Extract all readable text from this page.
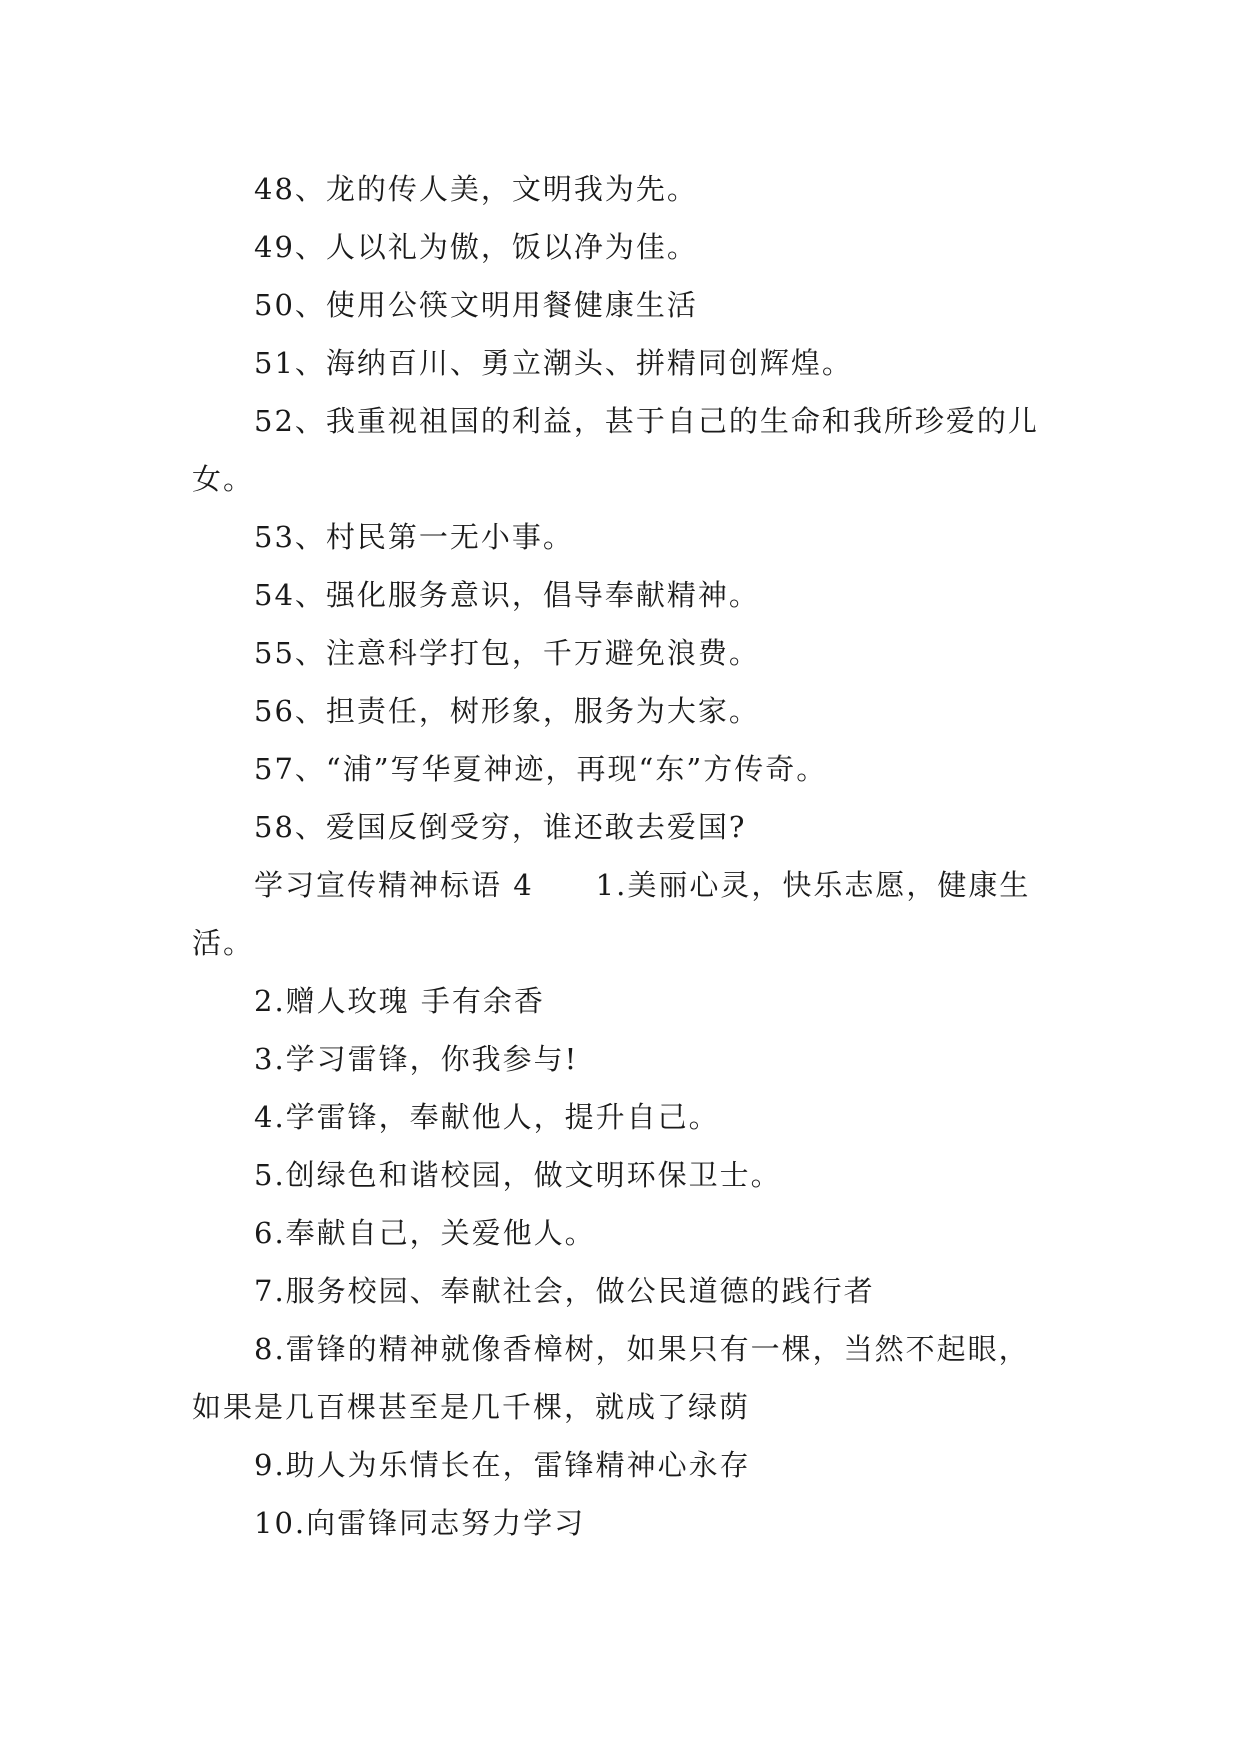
48、龙的传人美，文明我为先。

49、人以礼为傲，饭以净为佳。

50、使用公筷文明用餐健康生活

51、海纳百川、勇立潮头、拼精同创辉煌。

52、我重视祖国的利益，甚于自己的生命和我所珍爱的儿女。

53、村民第一无小事。

54、强化服务意识，倡导奉献精神。

55、注意科学打包，千万避免浪费。

56、担责任，树形象，服务为大家。

57、“浦”写华夏神迹，再现“东”方传奇。

58、爱国反倒受穷，谁还敢去爱国?

学习宣传精神标语 4　　1.美丽心灵，快乐志愿，健康生活。

2.赠人玫瑰 手有余香

3.学习雷锋，你我参与!

4.学雷锋，奉献他人，提升自己。

5.创绿色和谐校园，做文明环保卫士。

6.奉献自己，关爱他人。

7.服务校园、奉献社会，做公民道德的践行者

8.雷锋的精神就像香樟树，如果只有一棵，当然不起眼，如果是几百棵甚至是几千棵，就成了绿荫

9.助人为乐情长在，雷锋精神心永存

10.向雷锋同志努力学习
